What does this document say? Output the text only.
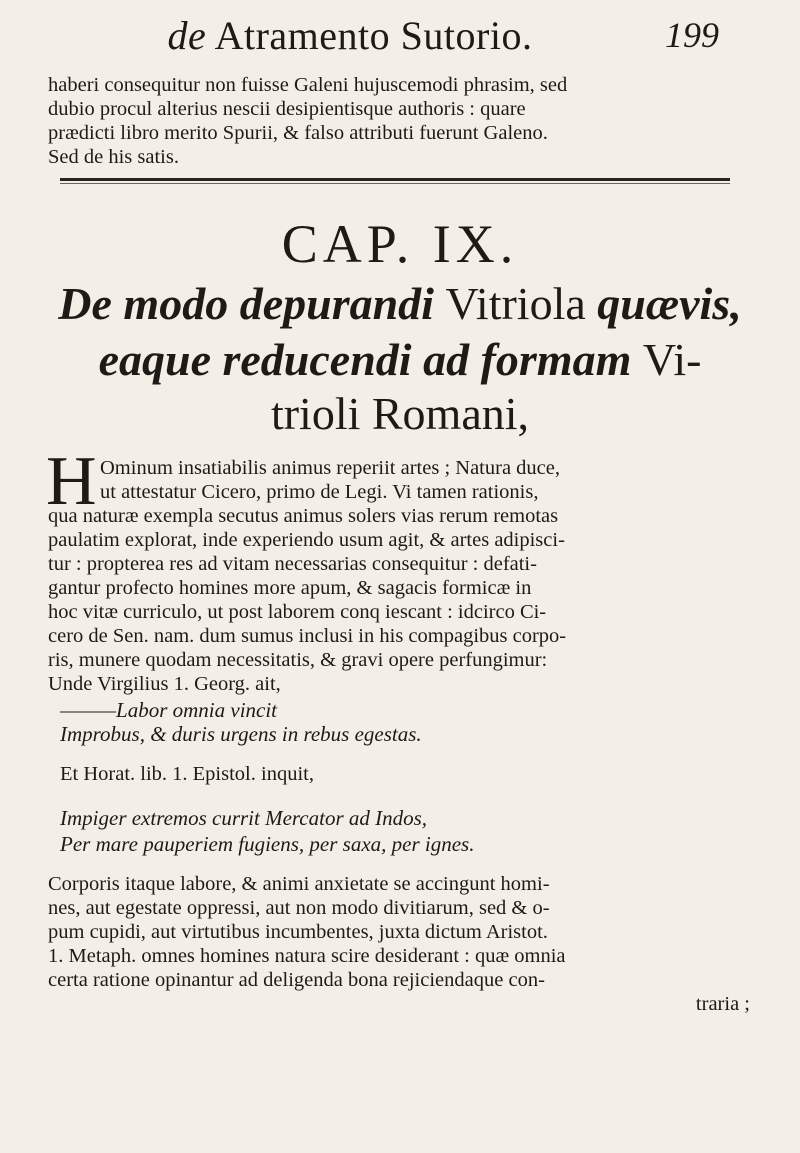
de Atramento Sutorio.	199
haberi consequitur non fuisse Galeni hujuscemodi phrasim, sed
dubio procul alterius nescii desipientisque authoris : quare
prædicti libro merito Spurii, & falso attributi fuerunt Galeno.
Sed de his satis.
CAP. IX.
De modo depurandi Vitriola quævis,
eaque reducendi ad formam Vi-
trioli Romani,
H Ominum insatiabilis animus reperiit artes ; Natura duce,
ut attestatur Cicero, primo de Legi. Vi tamen rationis,
qua naturæ exempla secutus animus solers vias rerum remotas
paulatim explorat, inde experiendo usum agit, & artes adipisci-
tur : propterea res ad vitam necessarias consequitur : defati-
gantur profecto homines more apum, & sagacis formicæ in
hoc vitæ curriculo, ut post laborem conq iescant : idcirco Ci-
cero de Sen. nam. dum sumus inclusi in his compagibus corpo-
ris, munere quodam necessitatis, & gravi opere perfungimur:
Unde Virgilius 1. Georg. ait,
———Labor omnia vincit
Improbus, & duris urgens in rebus egestas.
Et Horat. lib. 1. Epistol. inquit,
Impiger extremos currit Mercator ad Indos,
Per mare pauperiem fugiens, per saxa, per ignes.
Corporis itaque labore, & animi anxietate se accingunt homi-
nes, aut egestate oppressi, aut non modo divitiarum, sed & o-
pum cupidi, aut virtutibus incumbentes, juxta dictum Aristot.
1. Metaph. omnes homines natura scire desiderant : quæ omnia
certa ratione opinantur ad deligenda bona rejiciendaque con-
traria ;
